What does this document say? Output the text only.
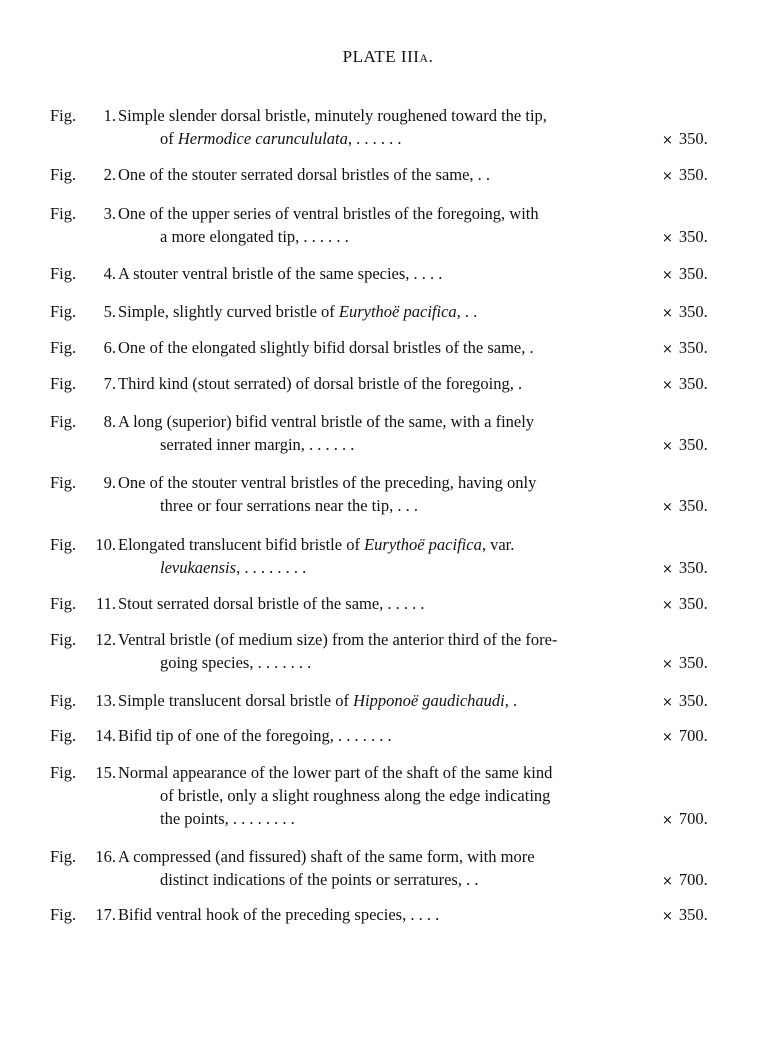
PLATE IIIA.
Fig. 1. Simple slender dorsal bristle, minutely roughened toward the tip,
of Hermodice caruncululata, . . . . . .	× 350.
Fig. 2. One of the stouter serrated dorsal bristles of the same, . .	× 350.
Fig. 3. One of the upper series of ventral bristles of the foregoing, with
a more elongated tip, . . . . . .	× 350.
Fig. 4. A stouter ventral bristle of the same species, . . . .	× 350.
Fig. 5. Simple, slightly curved bristle of Eurythoë pacifica, . .	× 350.
Fig. 6. One of the elongated slightly bifid dorsal bristles of the same, .	× 350.
Fig. 7. Third kind (stout serrated) of dorsal bristle of the foregoing, .	× 350.
Fig. 8. A long (superior) bifid ventral bristle of the same, with a finely
serrated inner margin, . . . . . .	× 350.
Fig. 9. One of the stouter ventral bristles of the preceding, having only
three or four serrations near the tip, . . .	× 350.
Fig. 10. Elongated translucent bifid bristle of Eurythoë pacifica, var.
levukaensis, . . . . . . . .	× 350.
Fig. 11. Stout serrated dorsal bristle of the same, . . . . .	× 350.
Fig. 12. Ventral bristle (of medium size) from the anterior third of the fore-
going species, . . . . . . .	× 350.
Fig. 13. Simple translucent dorsal bristle of Hipponoë gaudichaudi, .	× 350.
Fig. 14. Bifid tip of one of the foregoing, . . . . . . .	× 700.
Fig. 15. Normal appearance of the lower part of the shaft of the same kind
of bristle, only a slight roughness along the edge indicating
the points, . . . . . . . .	× 700.
Fig. 16. A compressed (and fissured) shaft of the same form, with more
distinct indications of the points or serratures, . .	× 700.
Fig. 17. Bifid ventral hook of the preceding species, . . . .	× 350.
